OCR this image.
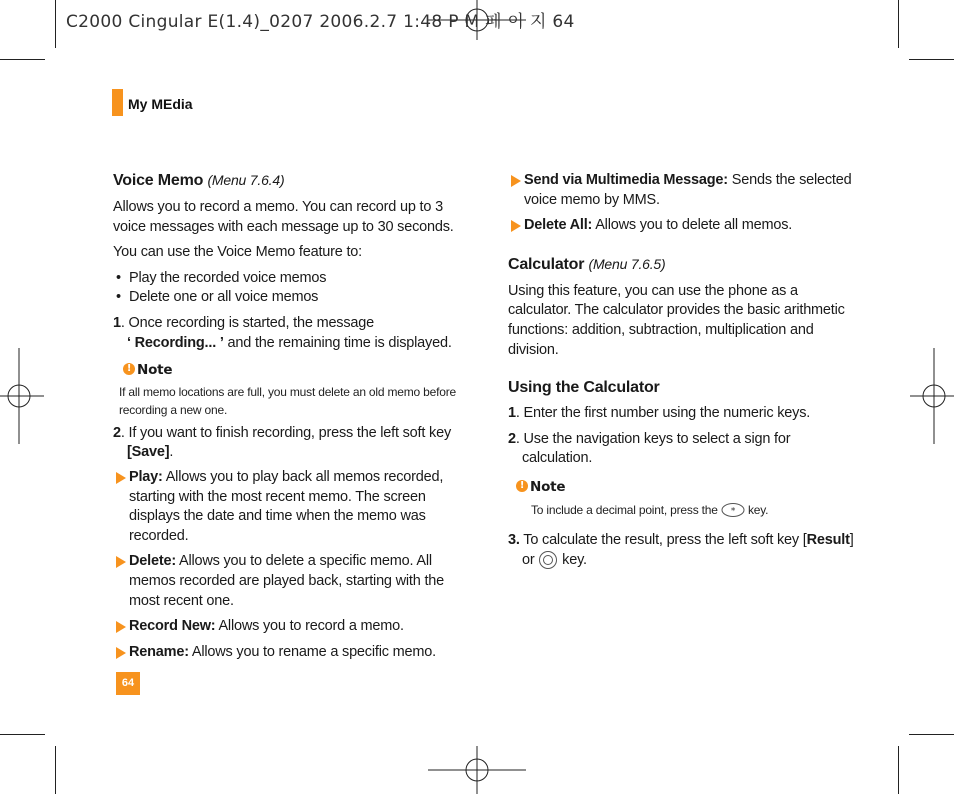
C2000 Cingular E(1.4)_0207 2006.2.7 1:48 P M 페 이 지 64
My MEdia
Voice Memo (Menu 7.6.4)

Allows you to record a memo. You can record up to 3 voice messages with each message up to 30 seconds.

You can use the Voice Memo feature to:

• Play the recorded voice memos

• Delete one or all voice memos

1. Once recording is started, the message
‘ Recording... ’ and the remaining time is displayed.

! Note
If all memo locations are full, you must delete an old memo before recording a new one.

2. If you want to finish recording, press the left soft key [Save].

Play: Allows you to play back all memos recorded, starting with the most recent memo. The screen displays the date and time when the memo was recorded.

Delete: Allows you to delete a specific memo. All memos recorded are played back, starting with the most recent one.

Record New: Allows you to record a memo.

Rename: Allows you to rename a specific memo.

Send via Multimedia Message: Sends the selected voice memo by MMS.

Delete All: Allows you to delete all memos.

Calculator (Menu 7.6.5)

Using this feature, you can use the phone as a calculator. The calculator provides the basic arithmetic functions: addition, subtraction, multiplication and division.

Using the Calculator

1. Enter the first number using the numeric keys.

2. Use the navigation keys to select a sign for calculation.

! Note
To include a decimal point, press the * key.

3. To calculate the result, press the left soft key [Result] or  key.

64
